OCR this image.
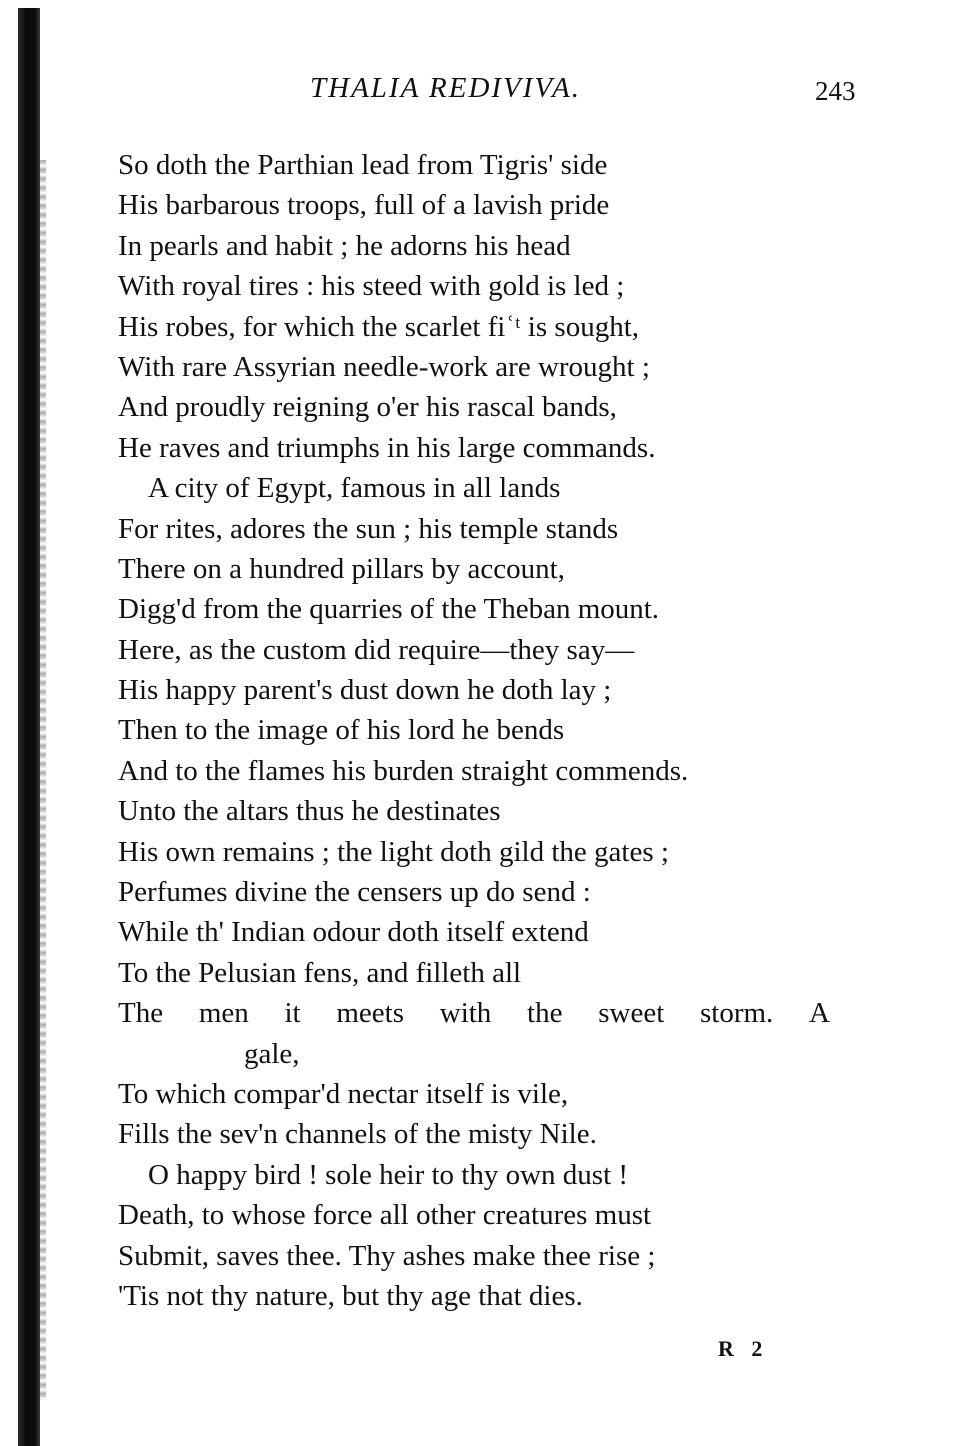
THALIA REDIVIVA.	243
So doth the Parthian lead from Tigris' side
His barbarous troops, full of a lavish pride
In pearls and habit ; he adorns his head
With royal tires : his steed with gold is led ;
His robes, for which the scarlet fiʿᵗ is sought,
With rare Assyrian needle-work are wrought ;
And proudly reigning o'er his rascal bands,
He raves and triumphs in his large commands.
A city of Egypt, famous in all lands
For rites, adores the sun ; his temple stands
There on a hundred pillars by account,
Digg'd from the quarries of the Theban mount.
Here, as the custom did require—they say—
His happy parent's dust down he doth lay ;
Then to the image of his lord he bends
And to the flames his burden straight commends.
Unto the altars thus he destinates
His own remains ; the light doth gild the gates ;
Perfumes divine the censers up do send :
While th' Indian odour doth itself extend
To the Pelusian fens, and filleth all
The men it meets with the sweet storm. A
gale,
To which compar'd nectar itself is vile,
Fills the sev'n channels of the misty Nile.
O happy bird ! sole heir to thy own dust !
Death, to whose force all other creatures must
Submit, saves thee. Thy ashes make thee rise ;
'Tis not thy nature, but thy age that dies.
R 2
